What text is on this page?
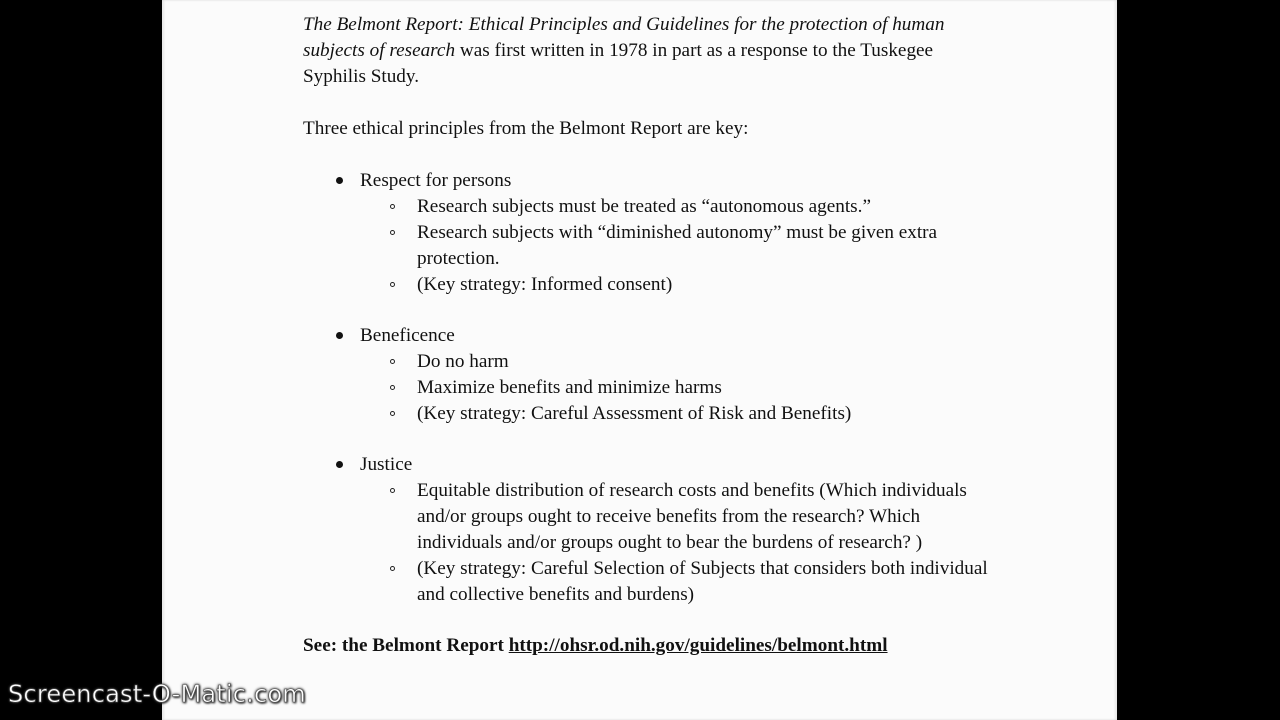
The Belmont Report: Ethical Principles and Guidelines for the protection of human subjects of research was first written in 1978 in part as a response to the Tuskegee Syphilis Study.

Three ethical principles from the Belmont Report are key:

Respect for persons

Research subjects must be treated as “autonomous agents.”

Research subjects with “diminished autonomy” must be given extra protection.

(Key strategy: Informed consent)

Beneficence

Do no harm

Maximize benefits and minimize harms

(Key strategy: Careful Assessment of Risk and Benefits)

Justice

Equitable distribution of research costs and benefits (Which individuals and/or groups ought to receive benefits from the research? Which individuals and/or groups ought to bear the burdens of research? )

(Key strategy: Careful Selection of Subjects that considers both individual and collective benefits and burdens)

See: the Belmont Report http://ohsr.od.nih.gov/guidelines/belmont.html

Screencast-O-Matic.com
